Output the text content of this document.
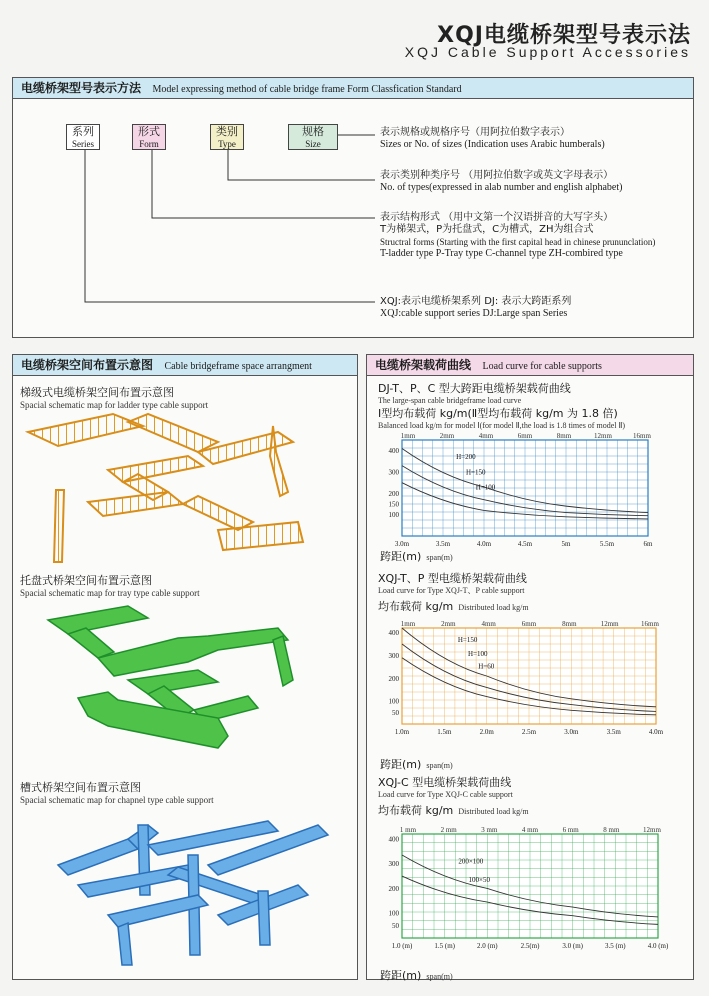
XQJ电缆桥架型号表示法
XQJ Cable Support Accessories
电缆桥架型号表示方法 Model expressing method of cable bridge frame Form Classfication Standard
系列
Series
形式
Form
类别
Type
规格
Size
表示规格或规格序号（用阿拉伯数字表示）
Sizes or No. of sizes (Indication uses Arabic humberals)
表示类别种类序号 （用阿拉伯数字或英文字母表示）
No. of types(expressed in alab number and english alphabet)
表示结构形式 （用中文第一个汉语拼音的大写字头）
T为梯架式，P为托盘式，C为槽式，ZH为组合式
Structral forms (Starting with the first capital head in chinese prununclation)
T-ladder type P-Tray type C-channel type ZH-combired type
XQJ:表示电缆桥架系列 DJ: 表示大跨距系列
XQJ:cable support series DJ:Large span Series
电缆桥架空间布置示意图 Cable bridgeframe space arrangment
梯级式电缆桥架空间布置示意图
Spacial schematic map for ladder type cable support
托盘式桥架空间布置示意图
Spacial schematic map for tray type cable support
槽式桥架空间布置示意图
Spacial schematic map for chapnel type cable support
电缆桥架载荷曲线 Load curve for cable supports
DJ-T、P、C 型大跨距电缆桥架载荷曲线
The large-span cable bridgeframe load curve
Ⅰ型均布载荷 kg/m(Ⅱ型均布载荷 kg/m 为 1.8 倍)
Balanced load kg/m for model Ⅰ(for model Ⅱ,the load is 1.8 times of model Ⅱ)
3.0m	3.5m	4.0m	4.5m	5m	5.5m	6m
1mm	2mm	4mm	6mm	8mm	12mm	16mm
400
300
200
150
100
H=200
H=150
H=100
跨距(m) span(m)
XQJ-T、P 型电缆桥架载荷曲线
Load curve for Type XQJ-T、P cable support
均布载荷 kg/m Distributed load kg/m
1.0m	1.5m	2.0m	2.5m	3.0m	3.5m	4.0m
1mm	2mm	4mm	6mm	8mm	12mm	16mm
400
300
200
100
50
H=150
H=100
H=60
跨距(m) span(m)
XQJ-C 型电缆桥架载荷曲线
Load curve for Type XQJ-C cable support
均布载荷 kg/m Distributed load kg/m
1.0 (m)	1.5 (m)	2.0 (m)	2.5(m)	3.0 (m)	3.5 (m)	4.0 (m)
1 mm	2 mm	3 mm	4 mm	6 mm	8 mm	12mm
400
300
200
100
50
200×100
100×50
跨距(m) span(m)
